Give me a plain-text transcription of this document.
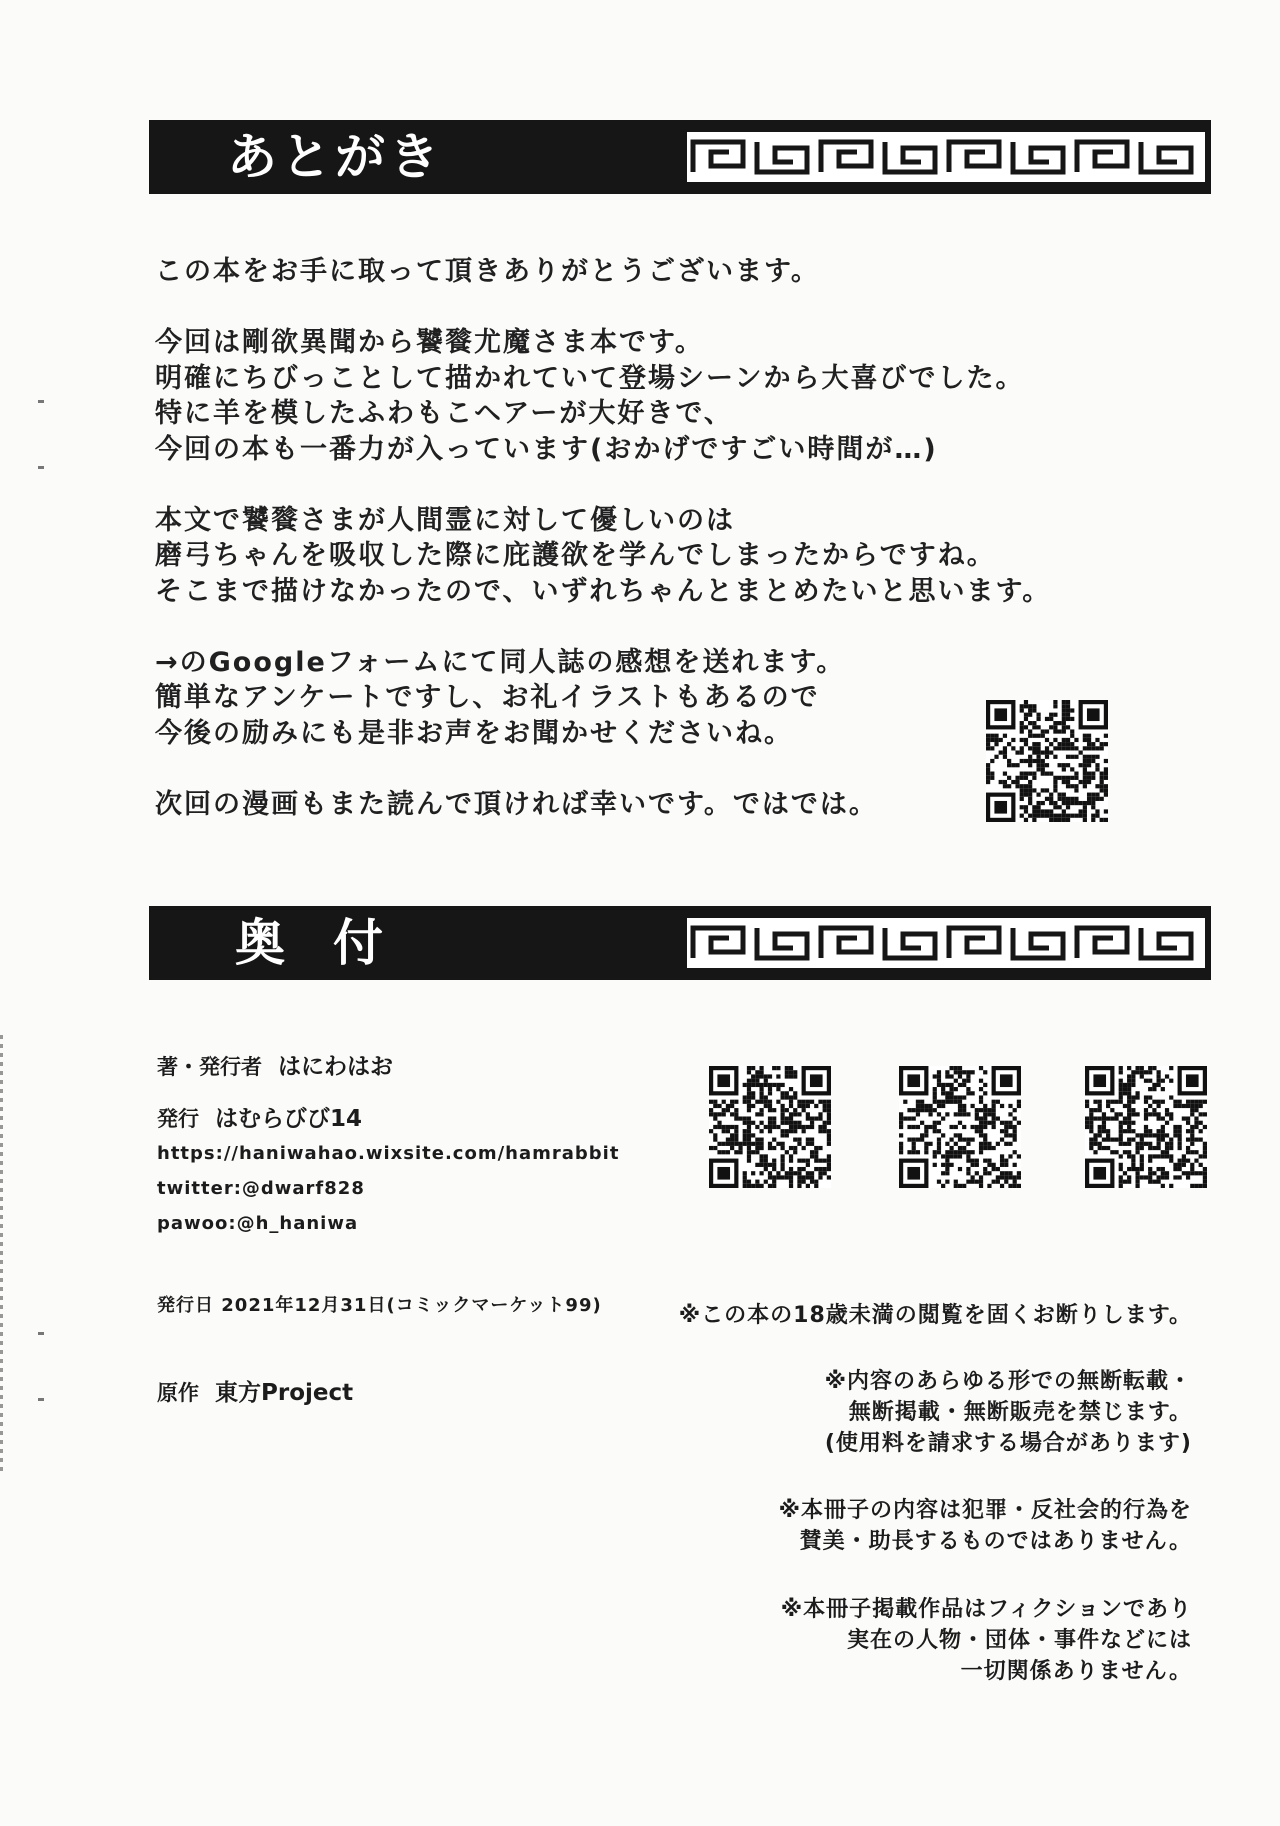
あとがき

この本をお手に取って頂きありがとうございます。

今回は剛欲異聞から饕餮尤魔さま本です。

明確にちびっことして描かれていて登場シーンから大喜びでした。

特に羊を模したふわもこヘアーが大好きで、

今回の本も一番力が入っています(おかげですごい時間が…)

本文で饕餮さまが人間霊に対して優しいのは

磨弓ちゃんを吸収した際に庇護欲を学んでしまったからですね。

そこまで描けなかったので、いずれちゃんとまとめたいと思います。

→のGoogleフォームにて同人誌の感想を送れます。

簡単なアンケートですし、お礼イラストもあるので

今後の励みにも是非お声をお聞かせくださいね。

次回の漫画もまた読んで頂ければ幸いです。ではでは。

奥付
著・発行者 はにわはお
発行 はむらびび14
https://haniwahao.wixsite.com/hamrabbit
twitter:@dwarf828
pawoo:@h_haniwa
発行日 2021年12月31日(コミックマーケット99)
原作 東方Project

※この本の18歳未満の閲覧を固くお断りします。

※内容のあらゆる形での無断転載・

無断掲載・無断販売を禁じます。

(使用料を請求する場合があります)

※本冊子の内容は犯罪・反社会的行為を

賛美・助長するものではありません。

※本冊子掲載作品はフィクションであり

実在の人物・団体・事件などには

一切関係ありません。
